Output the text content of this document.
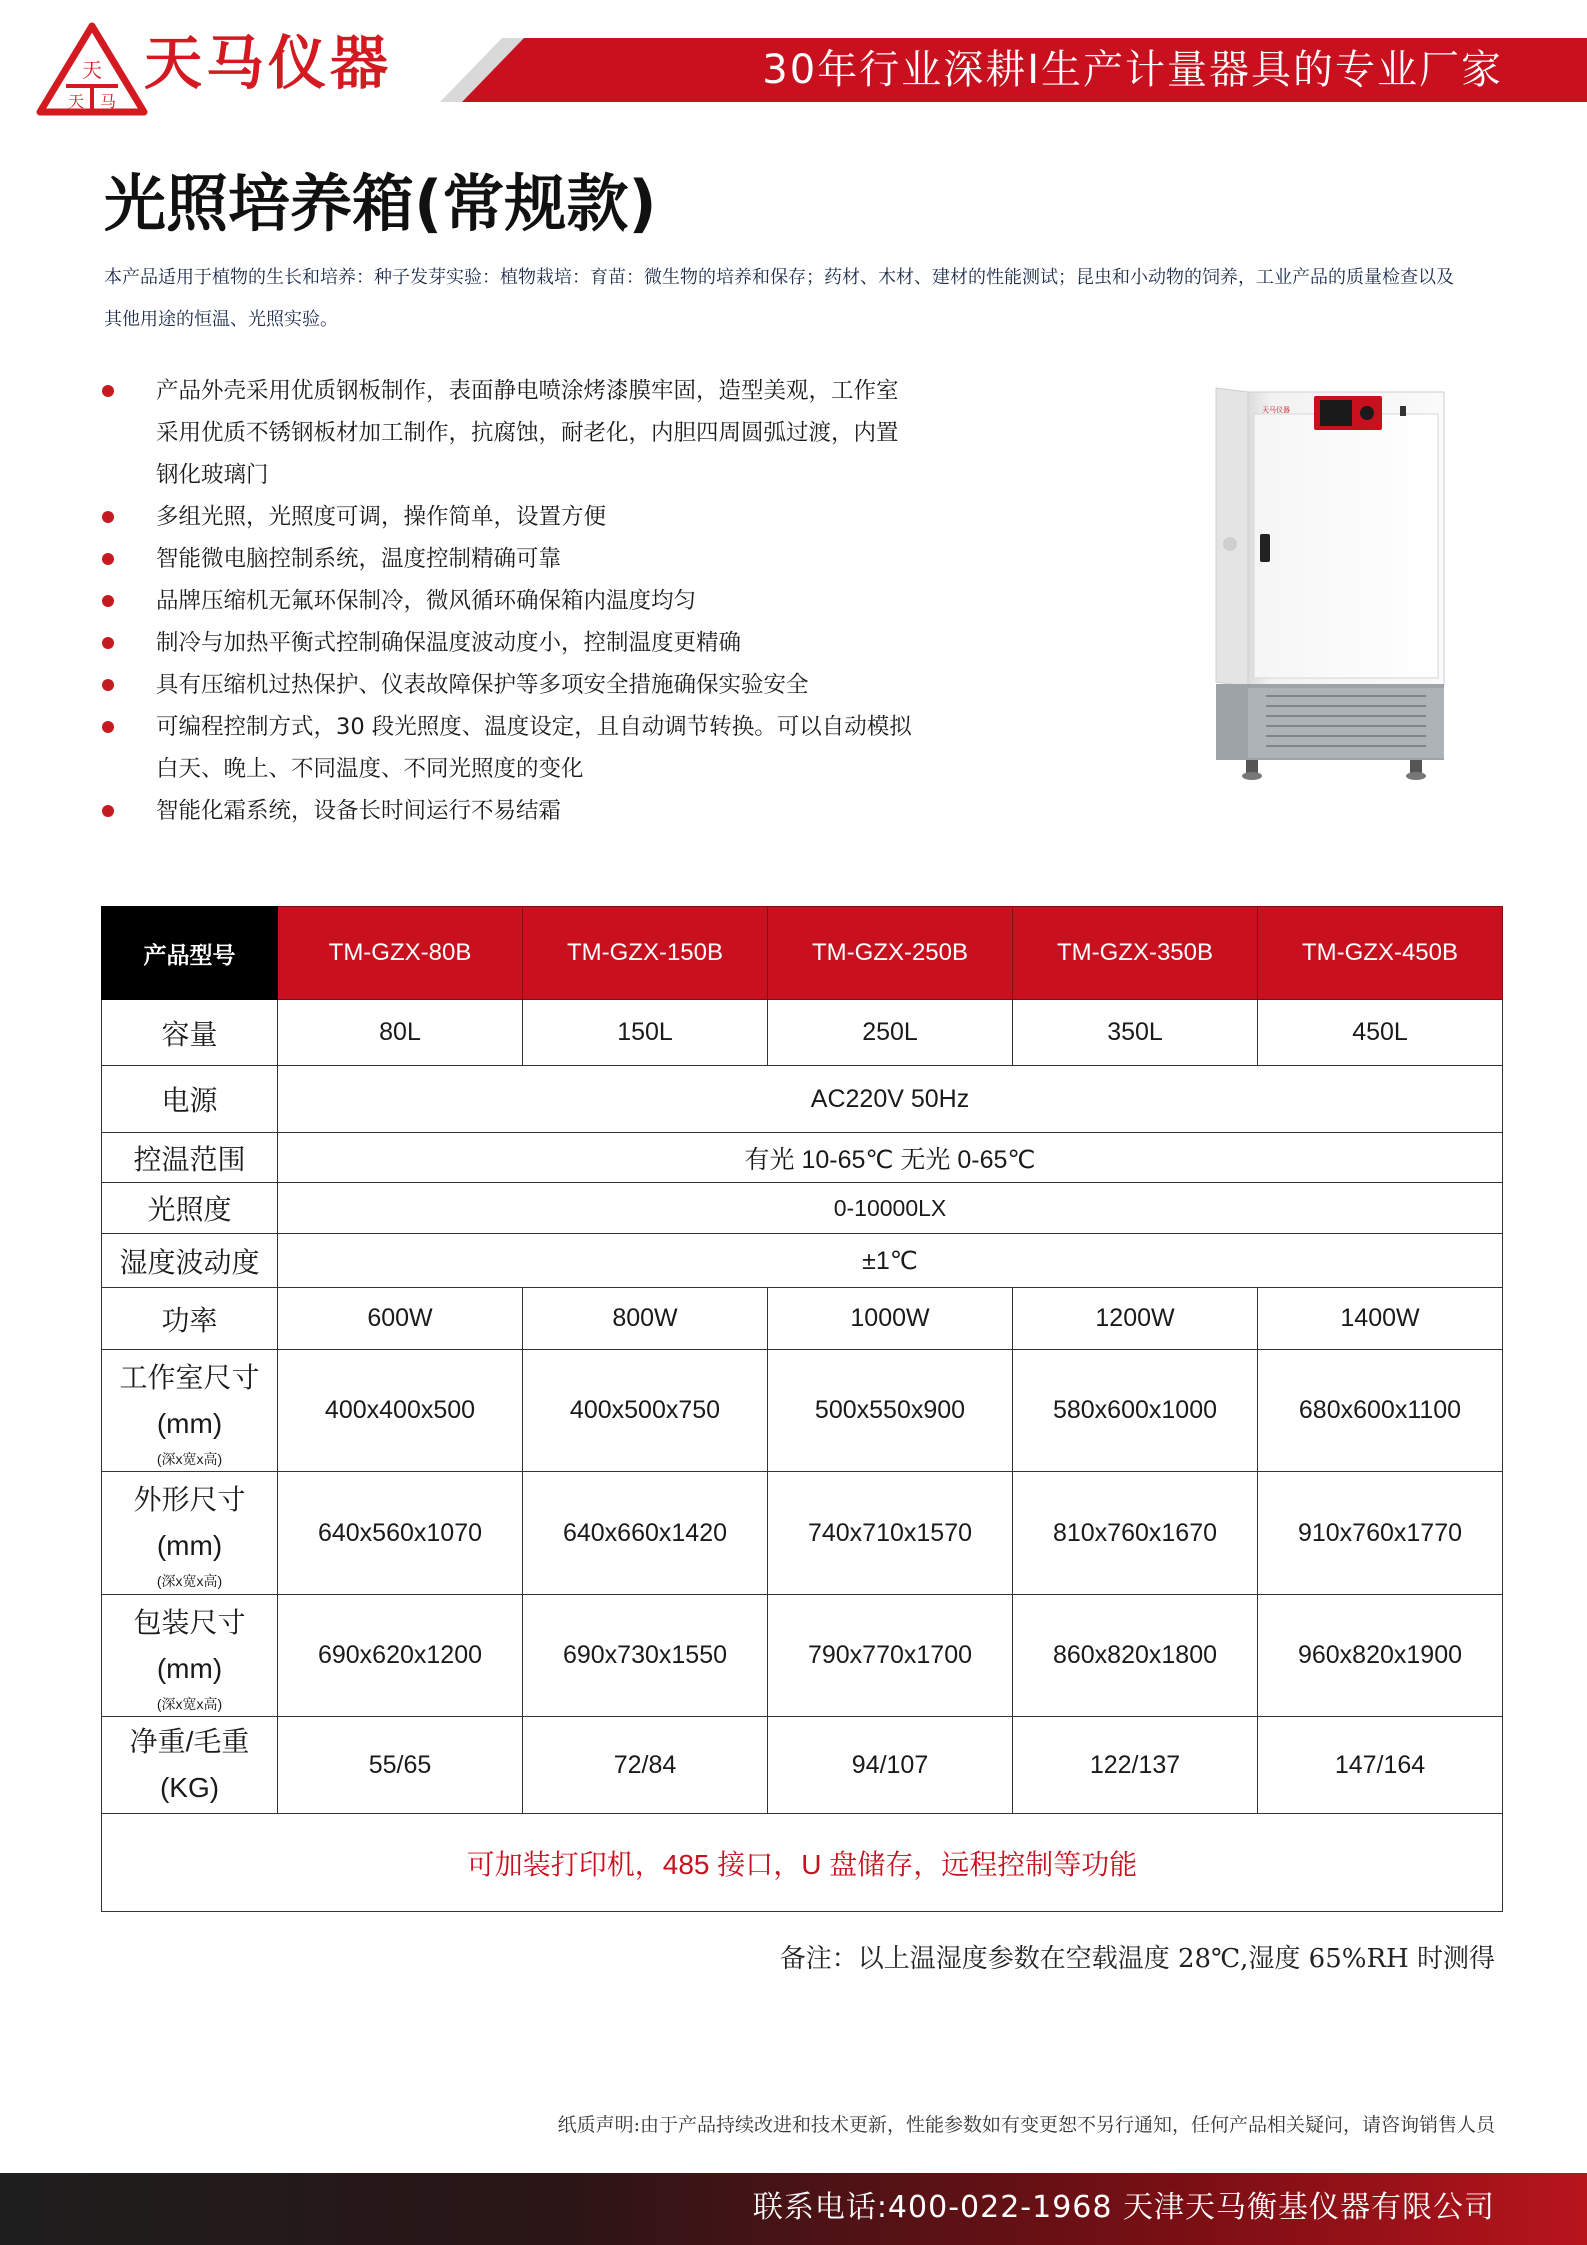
天
天 马
天马仪器	30年行业深耕I生产计量器具的专业厂家
光照培养箱(常规款)

本产品适用于植物的生长和培养：种子发芽实验：植物栽培：育苗：微生物的培养和保存；药材、木材、建材的性能测试；昆虫和小动物的饲养，工业产品的质量检查以及其他用途的恒温、光照实验。

产品外壳采用优质钢板制作，表面静电喷涂烤漆膜牢固，造型美观，工作室采用优质不锈钢板材加工制作，抗腐蚀，耐老化，内胆四周圆弧过渡，内置钢化玻璃门
多组光照，光照度可调，操作简单，设置方便
智能微电脑控制系统，温度控制精确可靠
品牌压缩机无氟环保制冷，微风循环确保箱内温度均匀
制冷与加热平衡式控制确保温度波动度小，控制温度更精确
具有压缩机过热保护、仪表故障保护等多项安全措施确保实验安全
可编程控制方式，30 段光照度、温度设定，且自动调节转换。可以自动模拟白天、晚上、不同温度、不同光照度的变化
智能化霜系统，设备长时间运行不易结霜
天马仪器
产品型号	TM-GZX-80B	TM-GZX-150B	TM-GZX-250B	TM-GZX-350B	TM-GZX-450B
容量	80L	150L	250L	350L	450L
电源	AC220V 50Hz				
控温范围	有光 10-65℃ 无光 0-65℃				
光照度	0-10000LX				
湿度波动度	±1℃				
功率	600W	800W	1000W	1200W	1400W

工作室尺寸
(mm)
(深x宽x高)	400x400x500	400x500x750	500x550x900	580x600x1000	680x600x1100

外形尺寸
(mm)
(深x宽x高)	640x560x1070	640x660x1420	740x710x1570	810x760x1670	910x760x1770

包装尺寸
(mm)
(深x宽x高)	690x620x1200	690x730x1550	790x770x1700	860x820x1800	960x820x1900

净重/毛重
(KG)	55/65	72/84	94/107	122/137	147/164
可加装打印机，485 接口，U 盘储存，远程控制等功能					
备注：以上温湿度参数在空载温度 28℃,湿度 65%RH 时测得
纸质声明:由于产品持续改进和技术更新，性能参数如有变更恕不另行通知，任何产品相关疑问，请咨询销售人员
联系电话:400-022-1968 天津天马衡基仪器有限公司
